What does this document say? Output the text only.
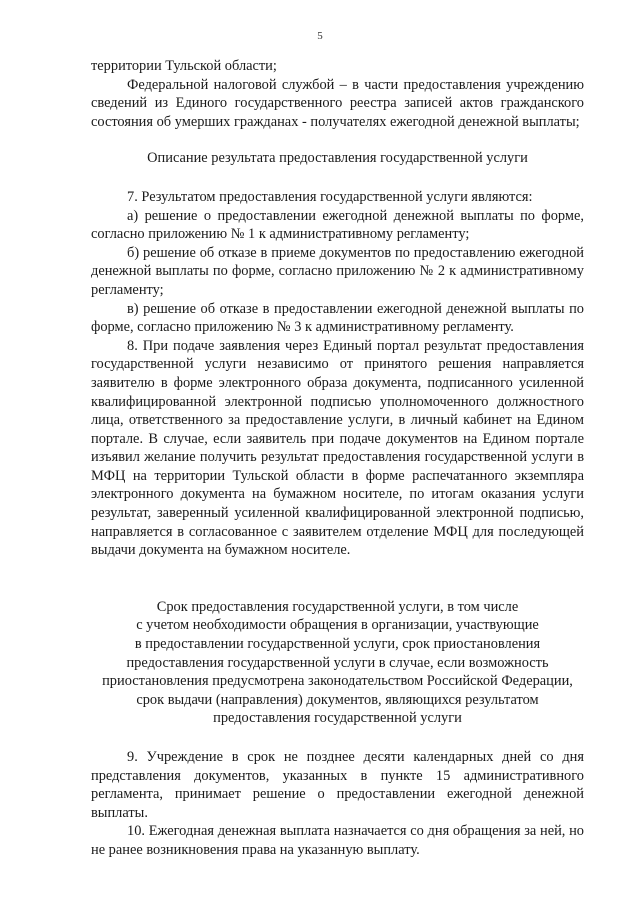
5

территории Тульской области;

Федеральной налоговой службой – в части предоставления учреждению сведений из Единого государственного реестра записей актов гражданского состояния об умерших гражданах - получателях ежегодной денежной выплаты;

Описание результата предоставления государственной услуги

7. Результатом предоставления государственной услуги являются:

а) решение о предоставлении ежегодной денежной выплаты по форме, согласно приложению № 1 к административному регламенту;

б) решение об отказе в приеме документов по предоставлению ежегодной денежной выплаты по форме, согласно приложению № 2 к административному регламенту;

в) решение об отказе в предоставлении ежегодной денежной выплаты по форме, согласно приложению № 3 к административному регламенту.

8. При подаче заявления через Единый портал результат предоставления государственной услуги независимо от принятого решения направляется заявителю в форме электронного образа документа, подписанного усиленной квалифицированной электронной подписью уполномоченного должностного лица, ответственного за предоставление услуги, в личный кабинет на Едином портале. В случае, если заявитель при подаче документов на Едином портале изъявил желание получить результат предоставления государственной услуги в МФЦ на территории Тульской области в форме распечатанного экземпляра электронного документа на бумажном носителе, по итогам оказания услуги результат, заверенный усиленной квалифицированной электронной подписью, направляется в согласованное с заявителем отделение МФЦ для последующей выдачи документа на бумажном носителе.

Срок предоставления государственной услуги, в том числе
с учетом необходимости обращения в организации, участвующие
в предоставлении государственной услуги, срок приостановления
предоставления государственной услуги в случае, если возможность
приостановления предусмотрена законодательством Российской Федерации,
срок выдачи (направления) документов, являющихся результатом
предоставления государственной услуги

9. Учреждение в срок не позднее десяти календарных дней со дня представления документов, указанных в пункте 15 административного регламента, принимает решение о предоставлении ежегодной денежной выплаты.

10. Ежегодная денежная выплата назначается со дня обращения за ней, но не ранее возникновения права на указанную выплату.
